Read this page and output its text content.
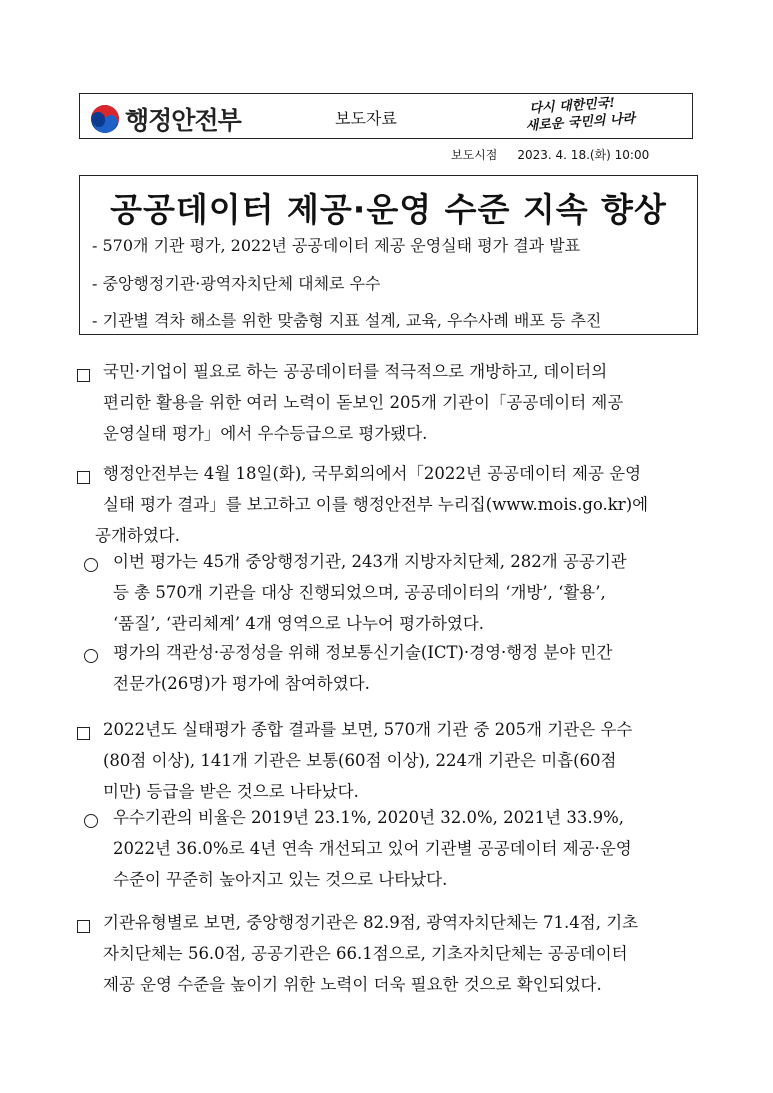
행정안전부	보도자료
다시 대한민국!
새로운 국민의 나라
보도시점 2023. 4. 18.(화) 10:00
공공데이터 제공·운영 수준 지속 향상
- 570개 기관 평가, 2022년 공공데이터 제공 운영실태 평가 결과 발표
- 중앙행정기관·광역자치단체 대체로 우수
- 기관별 격차 해소를 위한 맞춤형 지표 설계, 교육, 우수사례 배포 등 추진
국민·기업이 필요로 하는 공공데이터를 적극적으로 개방하고, 데이터의
편리한 활용을 위한 여러 노력이 돋보인 205개 기관이「공공데이터 제공
운영실태 평가」에서 우수등급으로 평가됐다.
행정안전부는 4월 18일(화), 국무회의에서「2022년 공공데이터 제공 운영
실태 평가 결과」를 보고하고 이를 행정안전부 누리집(www.mois.go.kr)에
공개하였다.
이번 평가는 45개 중앙행정기관, 243개 지방자치단체, 282개 공공기관
등 총 570개 기관을 대상 진행되었으며, 공공데이터의 ‘개방’, ‘활용’,
‘품질’, ‘관리체계’ 4개 영역으로 나누어 평가하였다.
평가의 객관성·공정성을 위해 정보통신기술(ICT)·경영·행정 분야 민간
전문가(26명)가 평가에 참여하였다.
2022년도 실태평가 종합 결과를 보면, 570개 기관 중 205개 기관은 우수
(80점 이상), 141개 기관은 보통(60점 이상), 224개 기관은 미흡(60점
미만) 등급을 받은 것으로 나타났다.
우수기관의 비율은 2019년 23.1%, 2020년 32.0%, 2021년 33.9%,
2022년 36.0%로 4년 연속 개선되고 있어 기관별 공공데이터 제공·운영
수준이 꾸준히 높아지고 있는 것으로 나타났다.
기관유형별로 보면, 중앙행정기관은 82.9점, 광역자치단체는 71.4점, 기초
자치단체는 56.0점, 공공기관은 66.1점으로, 기초자치단체는 공공데이터
제공 운영 수준을 높이기 위한 노력이 더욱 필요한 것으로 확인되었다.
